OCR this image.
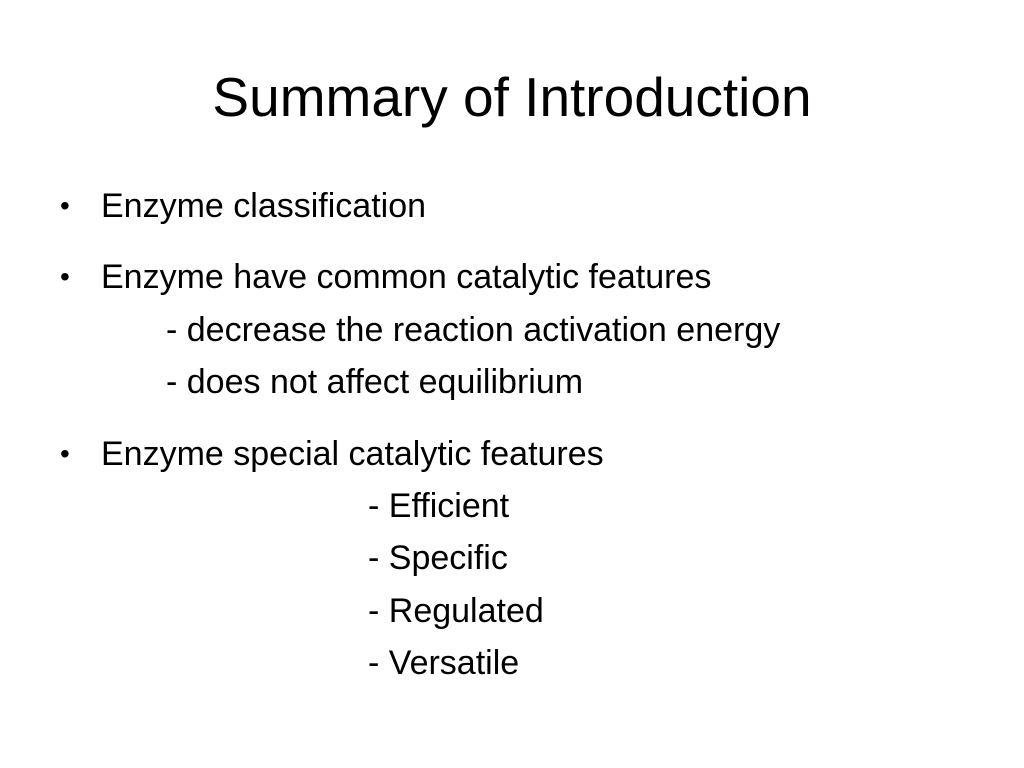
Summary of Introduction
• Enzyme classification
• Enzyme have common catalytic features
- decrease the reaction activation energy
- does not affect equilibrium
• Enzyme special catalytic features
- Efficient
- Specific
- Regulated
- Versatile
